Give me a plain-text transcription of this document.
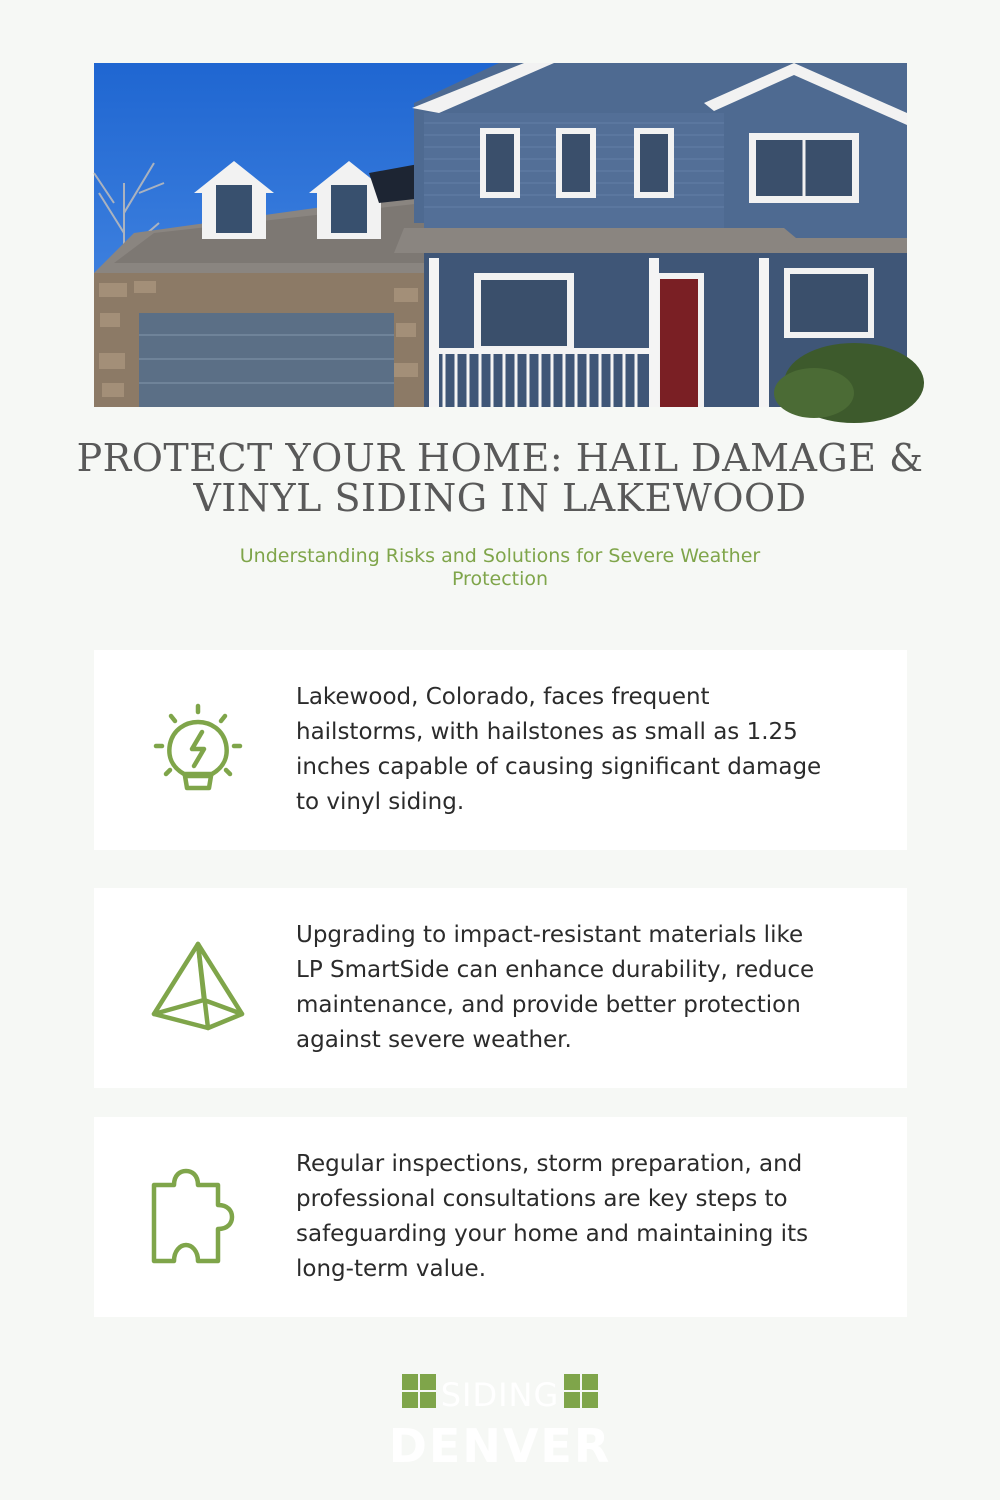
PROTECT YOUR HOME: HAIL DAMAGE & VINYL SIDING IN LAKEWOOD

Understanding Risks and Solutions for Severe Weather Protection

Lakewood, Colorado, faces frequent hailstorms, with hailstones as small as 1.25 inches capable of causing significant damage to vinyl siding.

Upgrading to impact-resistant materials like LP SmartSide can enhance durability, reduce maintenance, and provide better protection against severe weather.

Regular inspections, storm preparation, and professional consultations are key steps to safeguarding your home and maintaining its long-term value.

SIDING
DENVER
